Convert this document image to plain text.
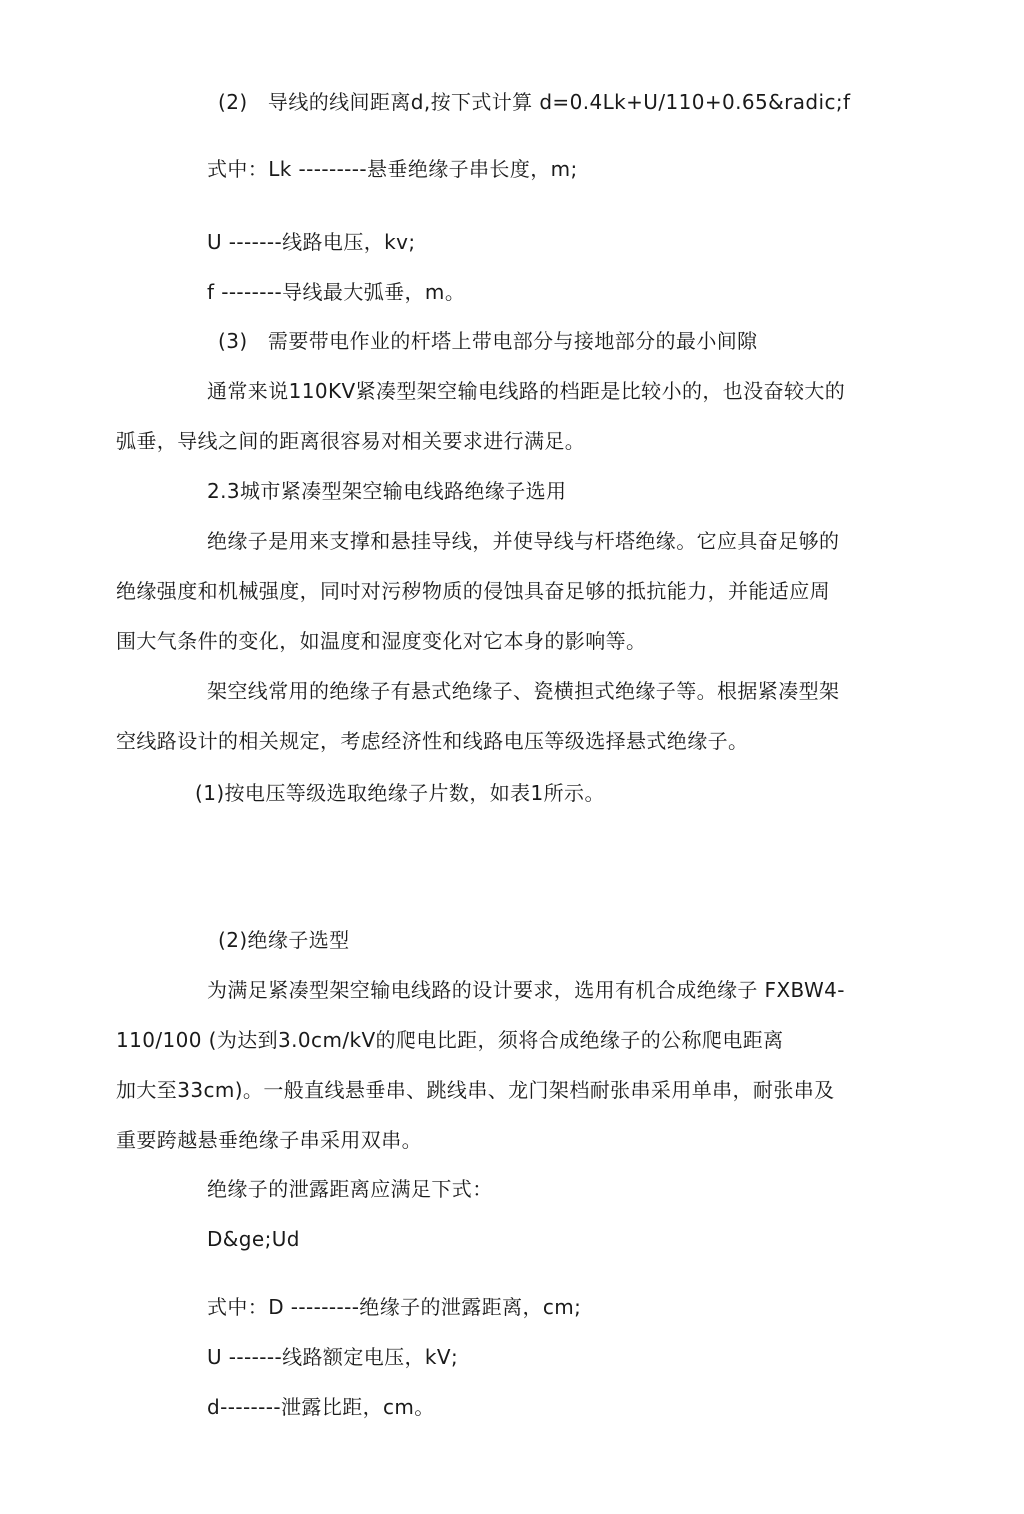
(2)　导线的线间距离d,按下式计算 d=0.4Lk+U/110+0.65&radic;f
式中：Lk ---------悬垂绝缘子串长度，m;
U -------线路电压，kv;
f --------导线最大弧垂，m。
(3)　需要带电作业的杆塔上带电部分与接地部分的最小间隙
通常来说110KV紧凑型架空输电线路的档距是比较小的，也没奋较大的
弧垂，导线之间的距离很容易对相关要求进行满足。
2.3城市紧凑型架空输电线路绝缘子选用
绝缘子是用来支撑和悬挂导线，并使导线与杆塔绝缘。它应具奋足够的
绝缘强度和机械强度，同吋对污秽物质的侵蚀具奋足够的抵抗能力，并能适应周
围大气条件的变化，如温度和湿度变化对它本身的影响等。
架空线常用的绝缘子有悬式绝缘子、瓷横担式绝缘子等。根据紧凑型架
空线路设计的相关规定，考虑经济性和线路电压等级选择悬式绝缘子。
(1)按电压等级选取绝缘子片数，如表1所示。
(2)绝缘子选型
为满足紧凑型架空输电线路的设计要求，选用有机合成绝缘子 FXBW4-
110/100 (为达到3.0cm/kV的爬电比距，须将合成绝缘子的公称爬电距离
加大至33cm)。一般直线悬垂串、跳线串、龙门架档耐张串采用单串，耐张串及
重要跨越悬垂绝缘子串采用双串。
绝缘子的泄露距离应满足下式：
D&ge;Ud
式中：D ---------绝缘子的泄露距离，cm;
U -------线路额定电压，kV;
d--------泄露比距，cm。
